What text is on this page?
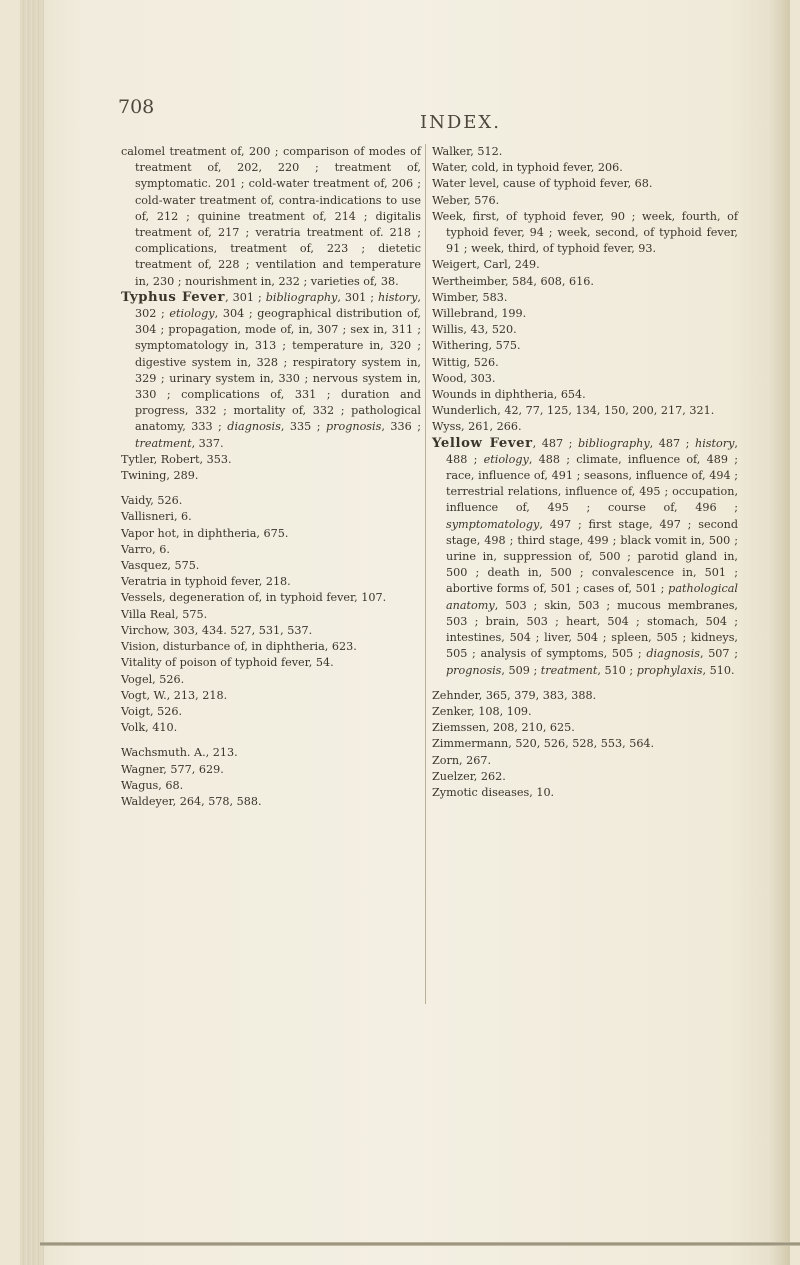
708
INDEX.

calomel treatment of, 200 ; comparison of modes of treatment of, 202, 220 ; treatment of, symptomatic. 201 ; cold-water treatment of, 206 ; cold-water treatment of, contra-indications to use of, 212 ; quinine treatment of, 214 ; digitalis treatment of, 217 ; veratria treatment of. 218 ; complications, treatment of, 223 ; dietetic treatment of, 228 ; ventilation and temperature in, 230 ; nourishment in, 232 ; varieties of, 38.

Typhus Fever, 301 ; bibliography, 301 ; history, 302 ; etiology, 304 ; geographical distribution of, 304 ; propagation, mode of, in, 307 ; sex in, 311 ; symptomatology in, 313 ; temperature in, 320 ; digestive system in, 328 ; respiratory system in, 329 ; urinary system in, 330 ; nervous system in, 330 ; complications of, 331 ; duration and progress, 332 ; mortality of, 332 ; pathological anatomy, 333 ; diagnosis, 335 ; prognosis, 336 ; treatment, 337.

Tytler, Robert, 353.

Twining, 289.

Vaidy, 526.

Vallisneri, 6.

Vapor hot, in diphtheria, 675.

Varro, 6.

Vasquez, 575.

Veratria in typhoid fever, 218.

Vessels, degeneration of, in typhoid fever, 107.

Villa Real, 575.

Virchow, 303, 434. 527, 531, 537.

Vision, disturbance of, in diphtheria, 623.

Vitality of poison of typhoid fever, 54.

Vogel, 526.

Vogt, W., 213, 218.

Voigt, 526.

Volk, 410.

Wachsmuth. A., 213.

Wagner, 577, 629.

Wagus, 68.

Waldeyer, 264, 578, 588.

Walker, 512.

Water, cold, in typhoid fever, 206.

Water level, cause of typhoid fever, 68.

Weber, 576.

Week, first, of typhoid fever, 90 ; week, fourth, of typhoid fever, 94 ; week, second, of typhoid fever, 91 ; week, third, of typhoid fever, 93.

Weigert, Carl, 249.

Wertheimber, 584, 608, 616.

Wimber, 583.

Willebrand, 199.

Willis, 43, 520.

Withering, 575.

Wittig, 526.

Wood, 303.

Wounds in diphtheria, 654.

Wunderlich, 42, 77, 125, 134, 150, 200, 217, 321.

Wyss, 261, 266.

Yellow Fever, 487 ; bibliography, 487 ; history, 488 ; etiology, 488 ; climate, influence of, 489 ; race, influence of, 491 ; seasons, influence of, 494 ; terrestrial relations, influence of, 495 ; occupation, influence of, 495 ; course of, 496 ; symptomatology, 497 ; first stage, 497 ; second stage, 498 ; third stage, 499 ; black vomit in, 500 ; urine in, suppression of, 500 ; parotid gland in, 500 ; death in, 500 ; convalescence in, 501 ; abortive forms of, 501 ; cases of, 501 ; pathological anatomy, 503 ; skin, 503 ; mucous membranes, 503 ; brain, 503 ; heart, 504 ; stomach, 504 ; intestines, 504 ; liver, 504 ; spleen, 505 ; kidneys, 505 ; analysis of symptoms, 505 ; diagnosis, 507 ; prognosis, 509 ; treatment, 510 ; prophylaxis, 510.

Zehnder, 365, 379, 383, 388.

Zenker, 108, 109.

Ziemssen, 208, 210, 625.

Zimmermann, 520, 526, 528, 553, 564.

Zorn, 267.

Zuelzer, 262.

Zymotic diseases, 10.
